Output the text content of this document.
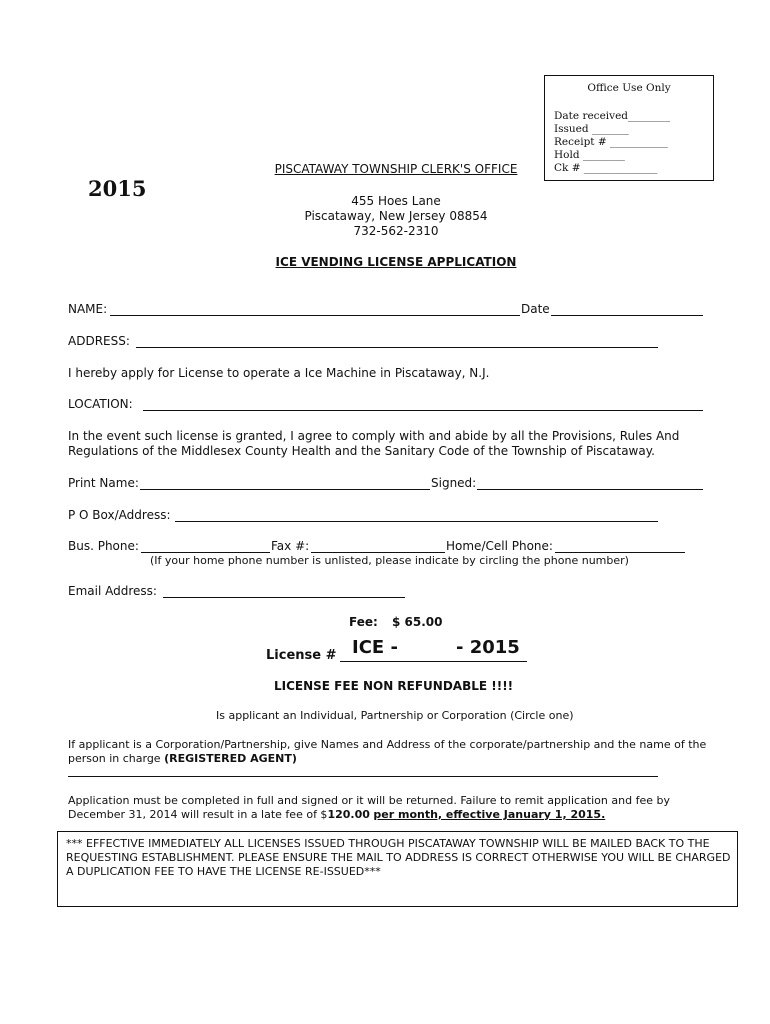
Office Use Only
Date received________
Issued _______
Receipt # ___________
Hold ________
Ck # ______________
2015
PISCATAWAY TOWNSHIP CLERK'S OFFICE
455 Hoes Lane
Piscataway, New Jersey 08854
732-562-2310
ICE VENDING LICENSE APPLICATION
NAME:	Date
ADDRESS:
I hereby apply for License to operate a Ice Machine in Piscataway, N.J.
LOCATION:
In the event such license is granted, I agree to comply with and abide by all the Provisions, Rules And
Regulations of the Middlesex County Health and the Sanitary Code of the Township of Piscataway.
Print Name:	Signed:
P O Box/Address:
Bus. Phone:	Fax #:	Home/Cell Phone:
(If your home phone number is unlisted, please indicate by circling the phone number)
Email Address:
Fee: $ 65.00
License # ICE -	- 2015
LICENSE FEE NON REFUNDABLE !!!!
Is applicant an Individual, Partnership or Corporation (Circle one)
If applicant is a Corporation/Partnership, give Names and Address of the corporate/partnership and the name of the
person in charge (REGISTERED AGENT)
Application must be completed in full and signed or it will be returned. Failure to remit application and fee by
December 31, 2014 will result in a late fee of $120.00 per month, effective January 1, 2015.
*** EFFECTIVE IMMEDIATELY ALL LICENSES ISSUED THROUGH PISCATAWAY TOWNSHIP WILL BE MAILED BACK TO THE REQUESTING ESTABLISHMENT. PLEASE ENSURE THE MAIL TO ADDRESS IS CORRECT OTHERWISE YOU WILL BE CHARGED A DUPLICATION FEE TO HAVE THE LICENSE RE-ISSUED***
